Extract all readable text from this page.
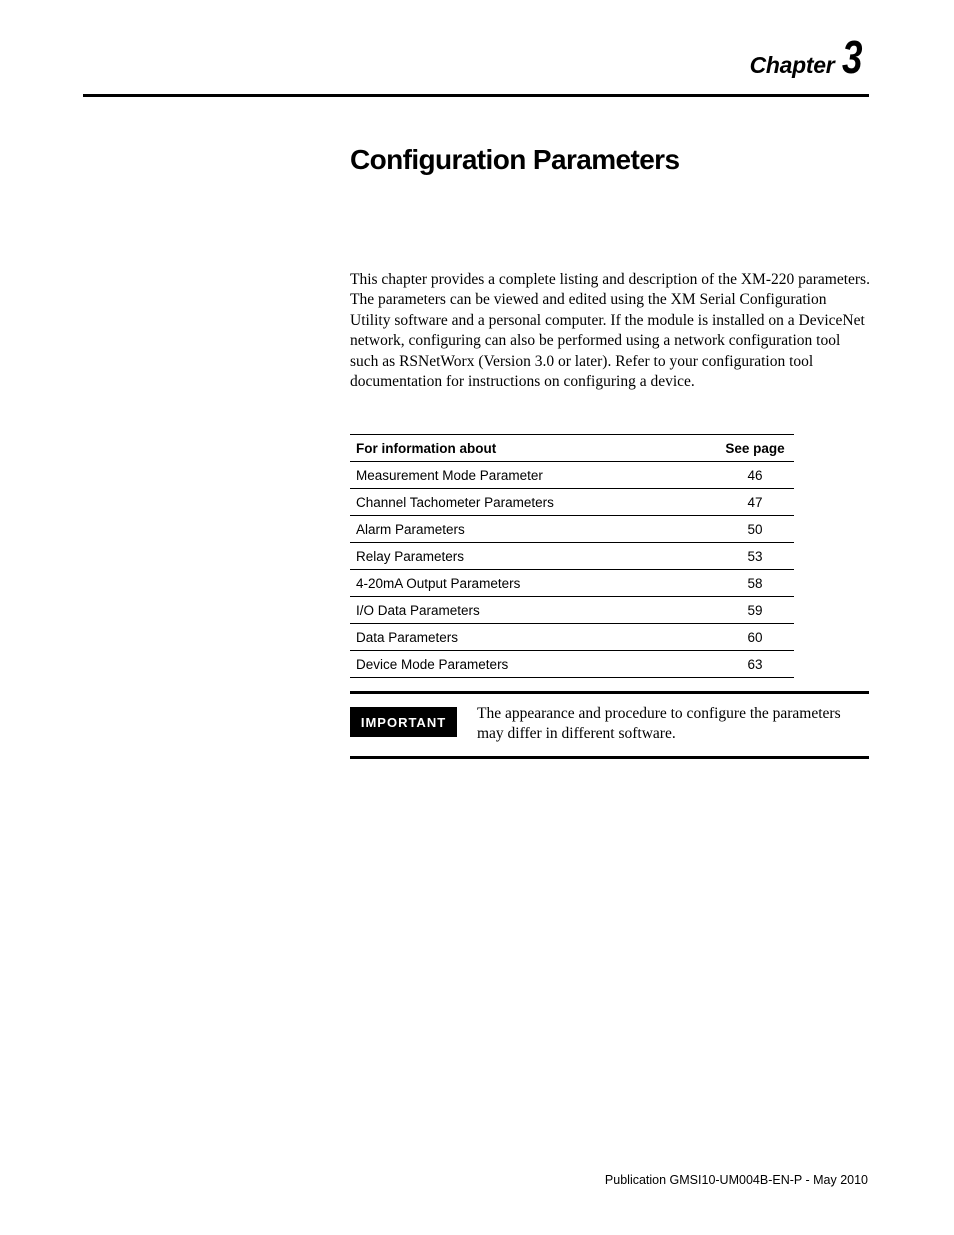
Chapter 3
Configuration Parameters

This chapter provides a complete listing and description of the XM-220 parameters. The parameters can be viewed and edited using the XM Serial Configuration Utility software and a personal computer. If the module is installed on a DeviceNet network, configuring can also be performed using a network configuration tool such as RSNetWorx (Version 3.0 or later). Refer to your configuration tool documentation for instructions on configuring a device.

For information about	See page
Measurement Mode Parameter	46
Channel Tachometer Parameters	47
Alarm Parameters	50
Relay Parameters	53
4-20mA Output Parameters	58
I/O Data Parameters	59
Data Parameters	60
Device Mode Parameters	63
IMPORTANT	The appearance and procedure to configure the parameters may differ in different software.

Publication GMSI10-UM004B-EN-P - May 2010
